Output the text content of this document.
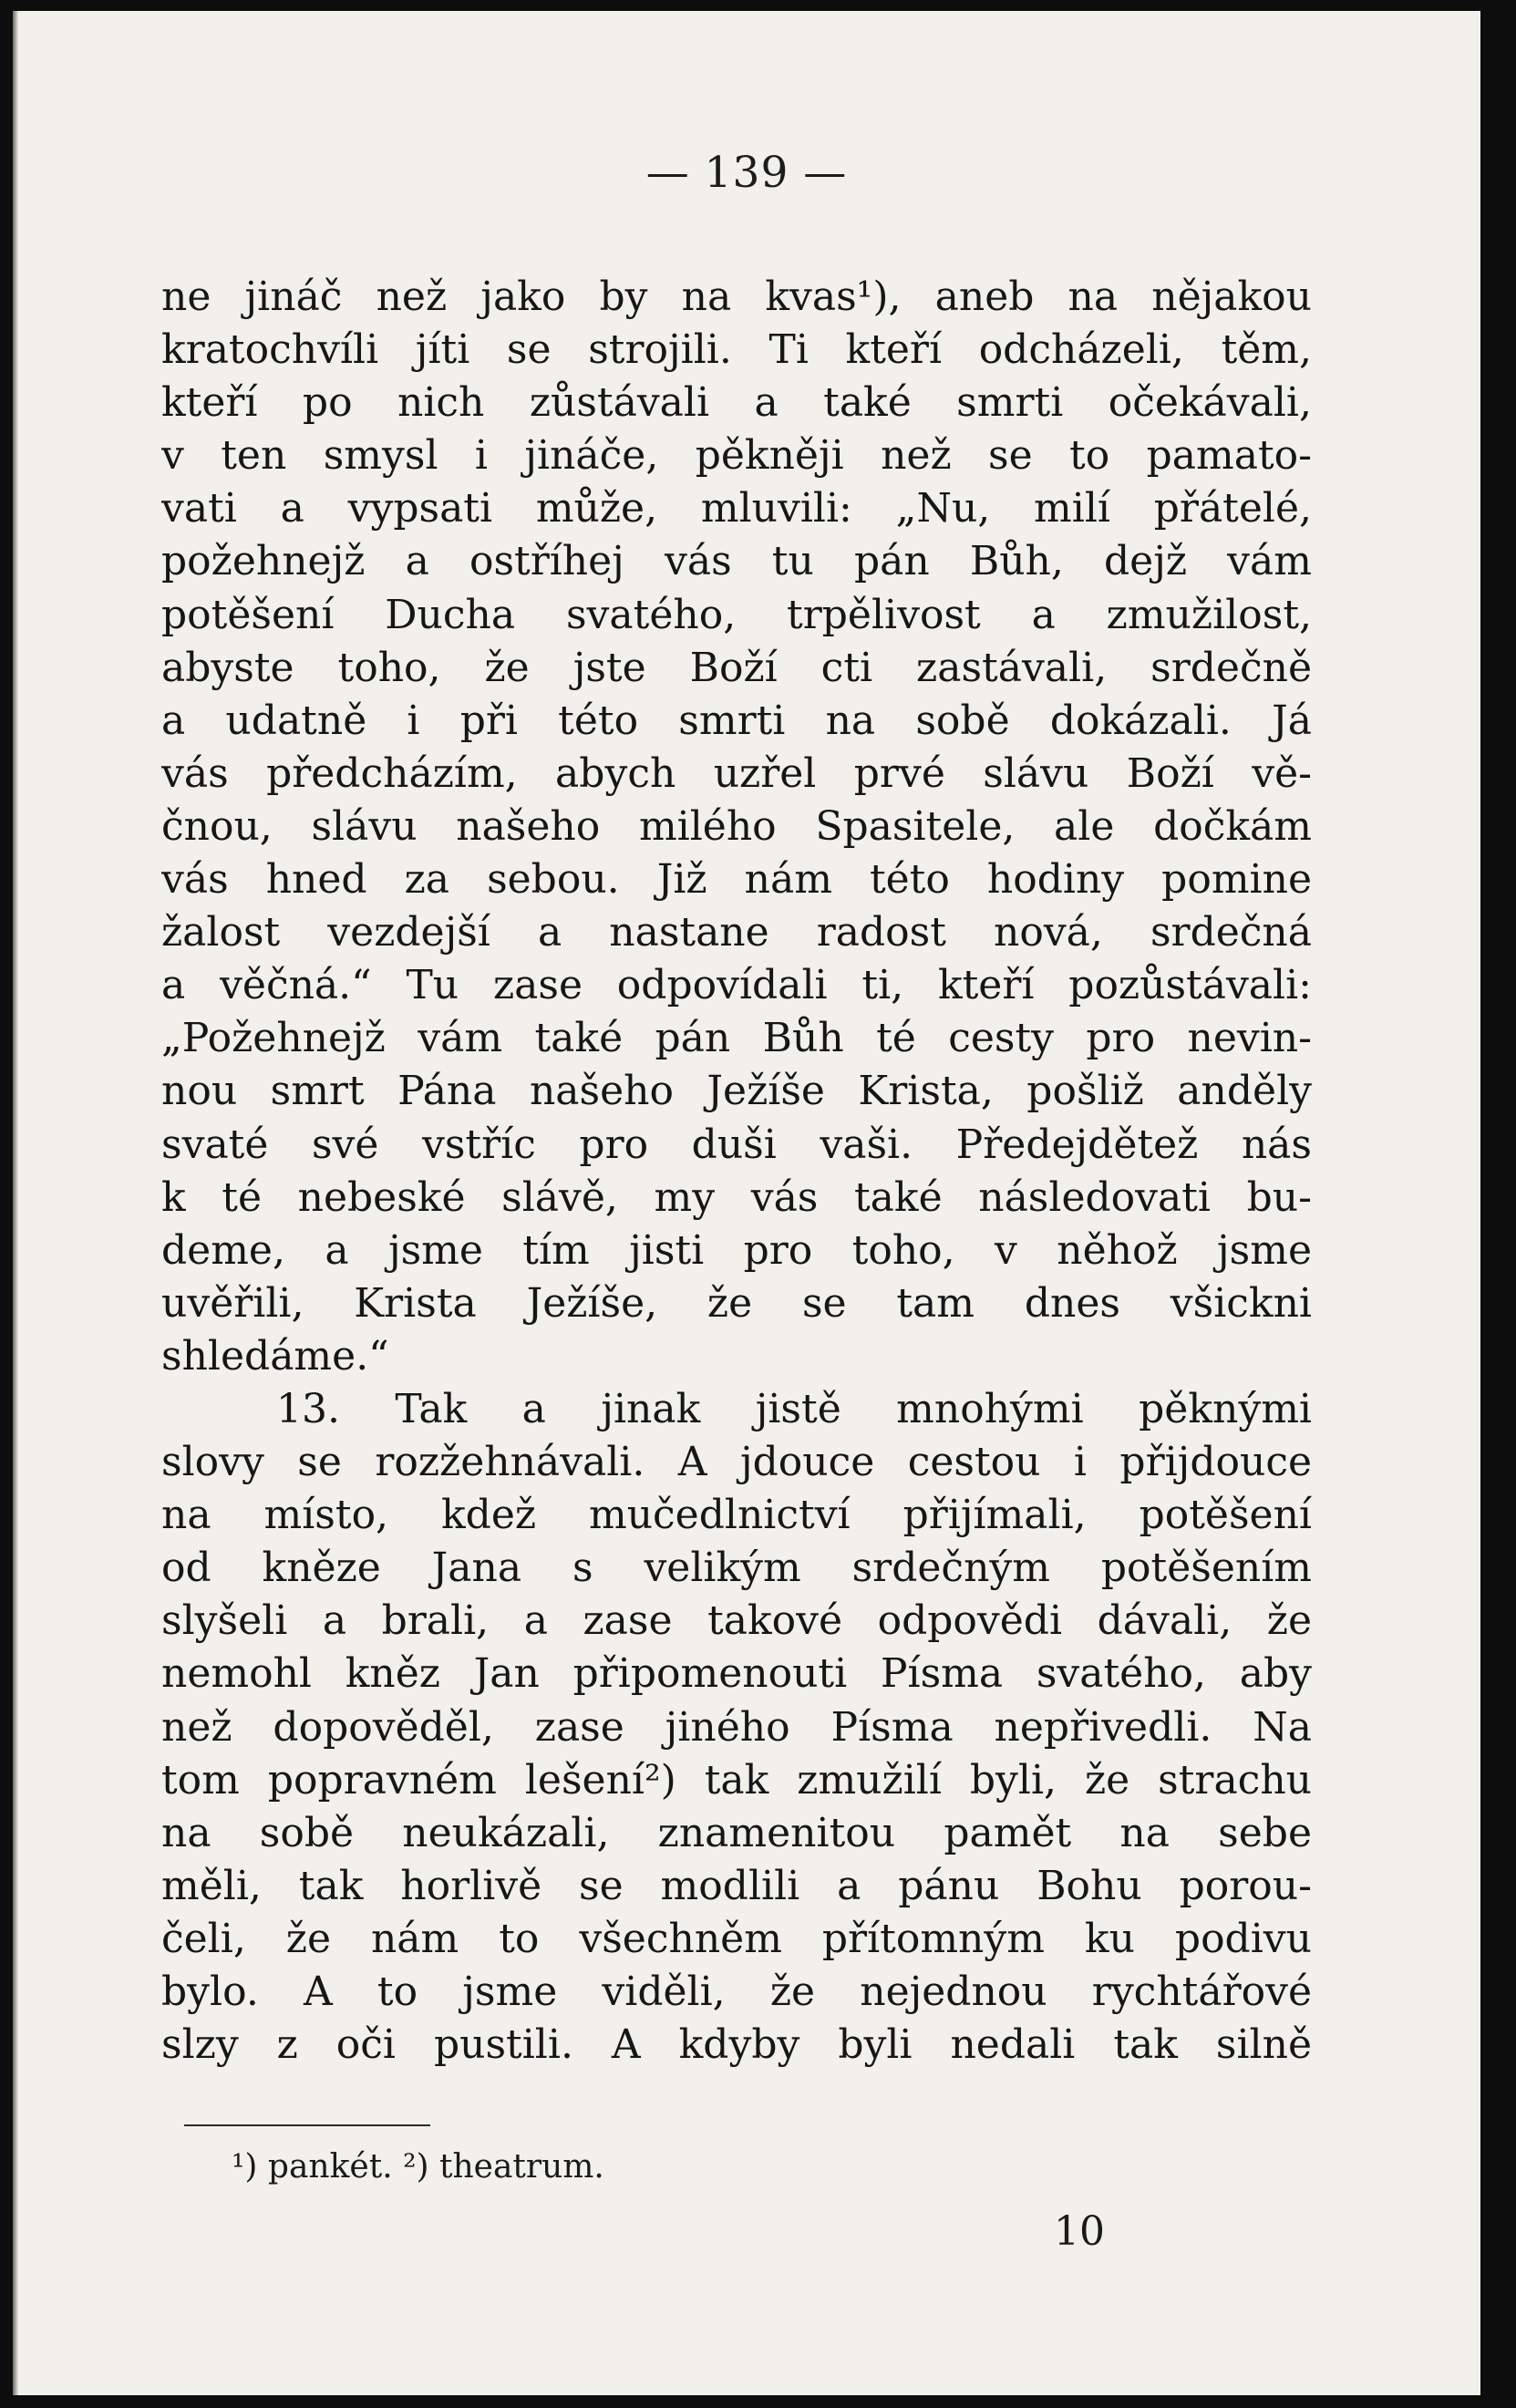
— 139 —
ne jináč než jako by na kvas¹), aneb na nějakou
kratochvíli jíti se strojili. Ti kteří odcházeli, těm,
kteří po nich zůstávali a také smrti očekávali,
v ten smysl i jináče, pěkněji než se to pamato-
vati a vypsati může, mluvili: „Nu, milí přátelé,
požehnejž a ostříhej vás tu pán Bůh, dejž vám
potěšení Ducha svatého, trpělivost a zmužilost,
abyste toho, že jste Boží cti zastávali, srdečně
a udatně i při této smrti na sobě dokázali. Já
vás předcházím, abych uzřel prvé slávu Boží vě-
čnou, slávu našeho milého Spasitele, ale dočkám
vás hned za sebou. Již nám této hodiny pomine
žalost vezdejší a nastane radost nová, srdečná
a věčná.“ Tu zase odpovídali ti, kteří pozůstávali:
„Požehnejž vám také pán Bůh té cesty pro nevin-
nou smrt Pána našeho Ježíše Krista, pošliž anděly
svaté své vstříc pro duši vaši. Předejdětež nás
k té nebeské slávě, my vás také následovati bu-
deme, a jsme tím jisti pro toho, v něhož jsme
uvěřili, Krista Ježíše, že se tam dnes všickni
shledáme.“
13. Tak a jinak jistě mnohými pěknými
slovy se rozžehnávali. A jdouce cestou i přijdouce
na místo, kdež mučedlnictví přijímali, potěšení
od kněze Jana s velikým srdečným potěšením
slyšeli a brali, a zase takové odpovědi dávali, že
nemohl kněz Jan připomenouti Písma svatého, aby
než dopověděl, zase jiného Písma nepřivedli. Na
tom popravném lešení²) tak zmužilí byli, že strachu
na sobě neukázali, znamenitou pamět na sebe
měli, tak horlivě se modlili a pánu Bohu porou-
čeli, že nám to všechněm přítomným ku podivu
bylo. A to jsme viděli, že nejednou rychtářové
slzy z oči pustili. A kdyby byli nedali tak silně
¹) pankét. ²) theatrum.
10
